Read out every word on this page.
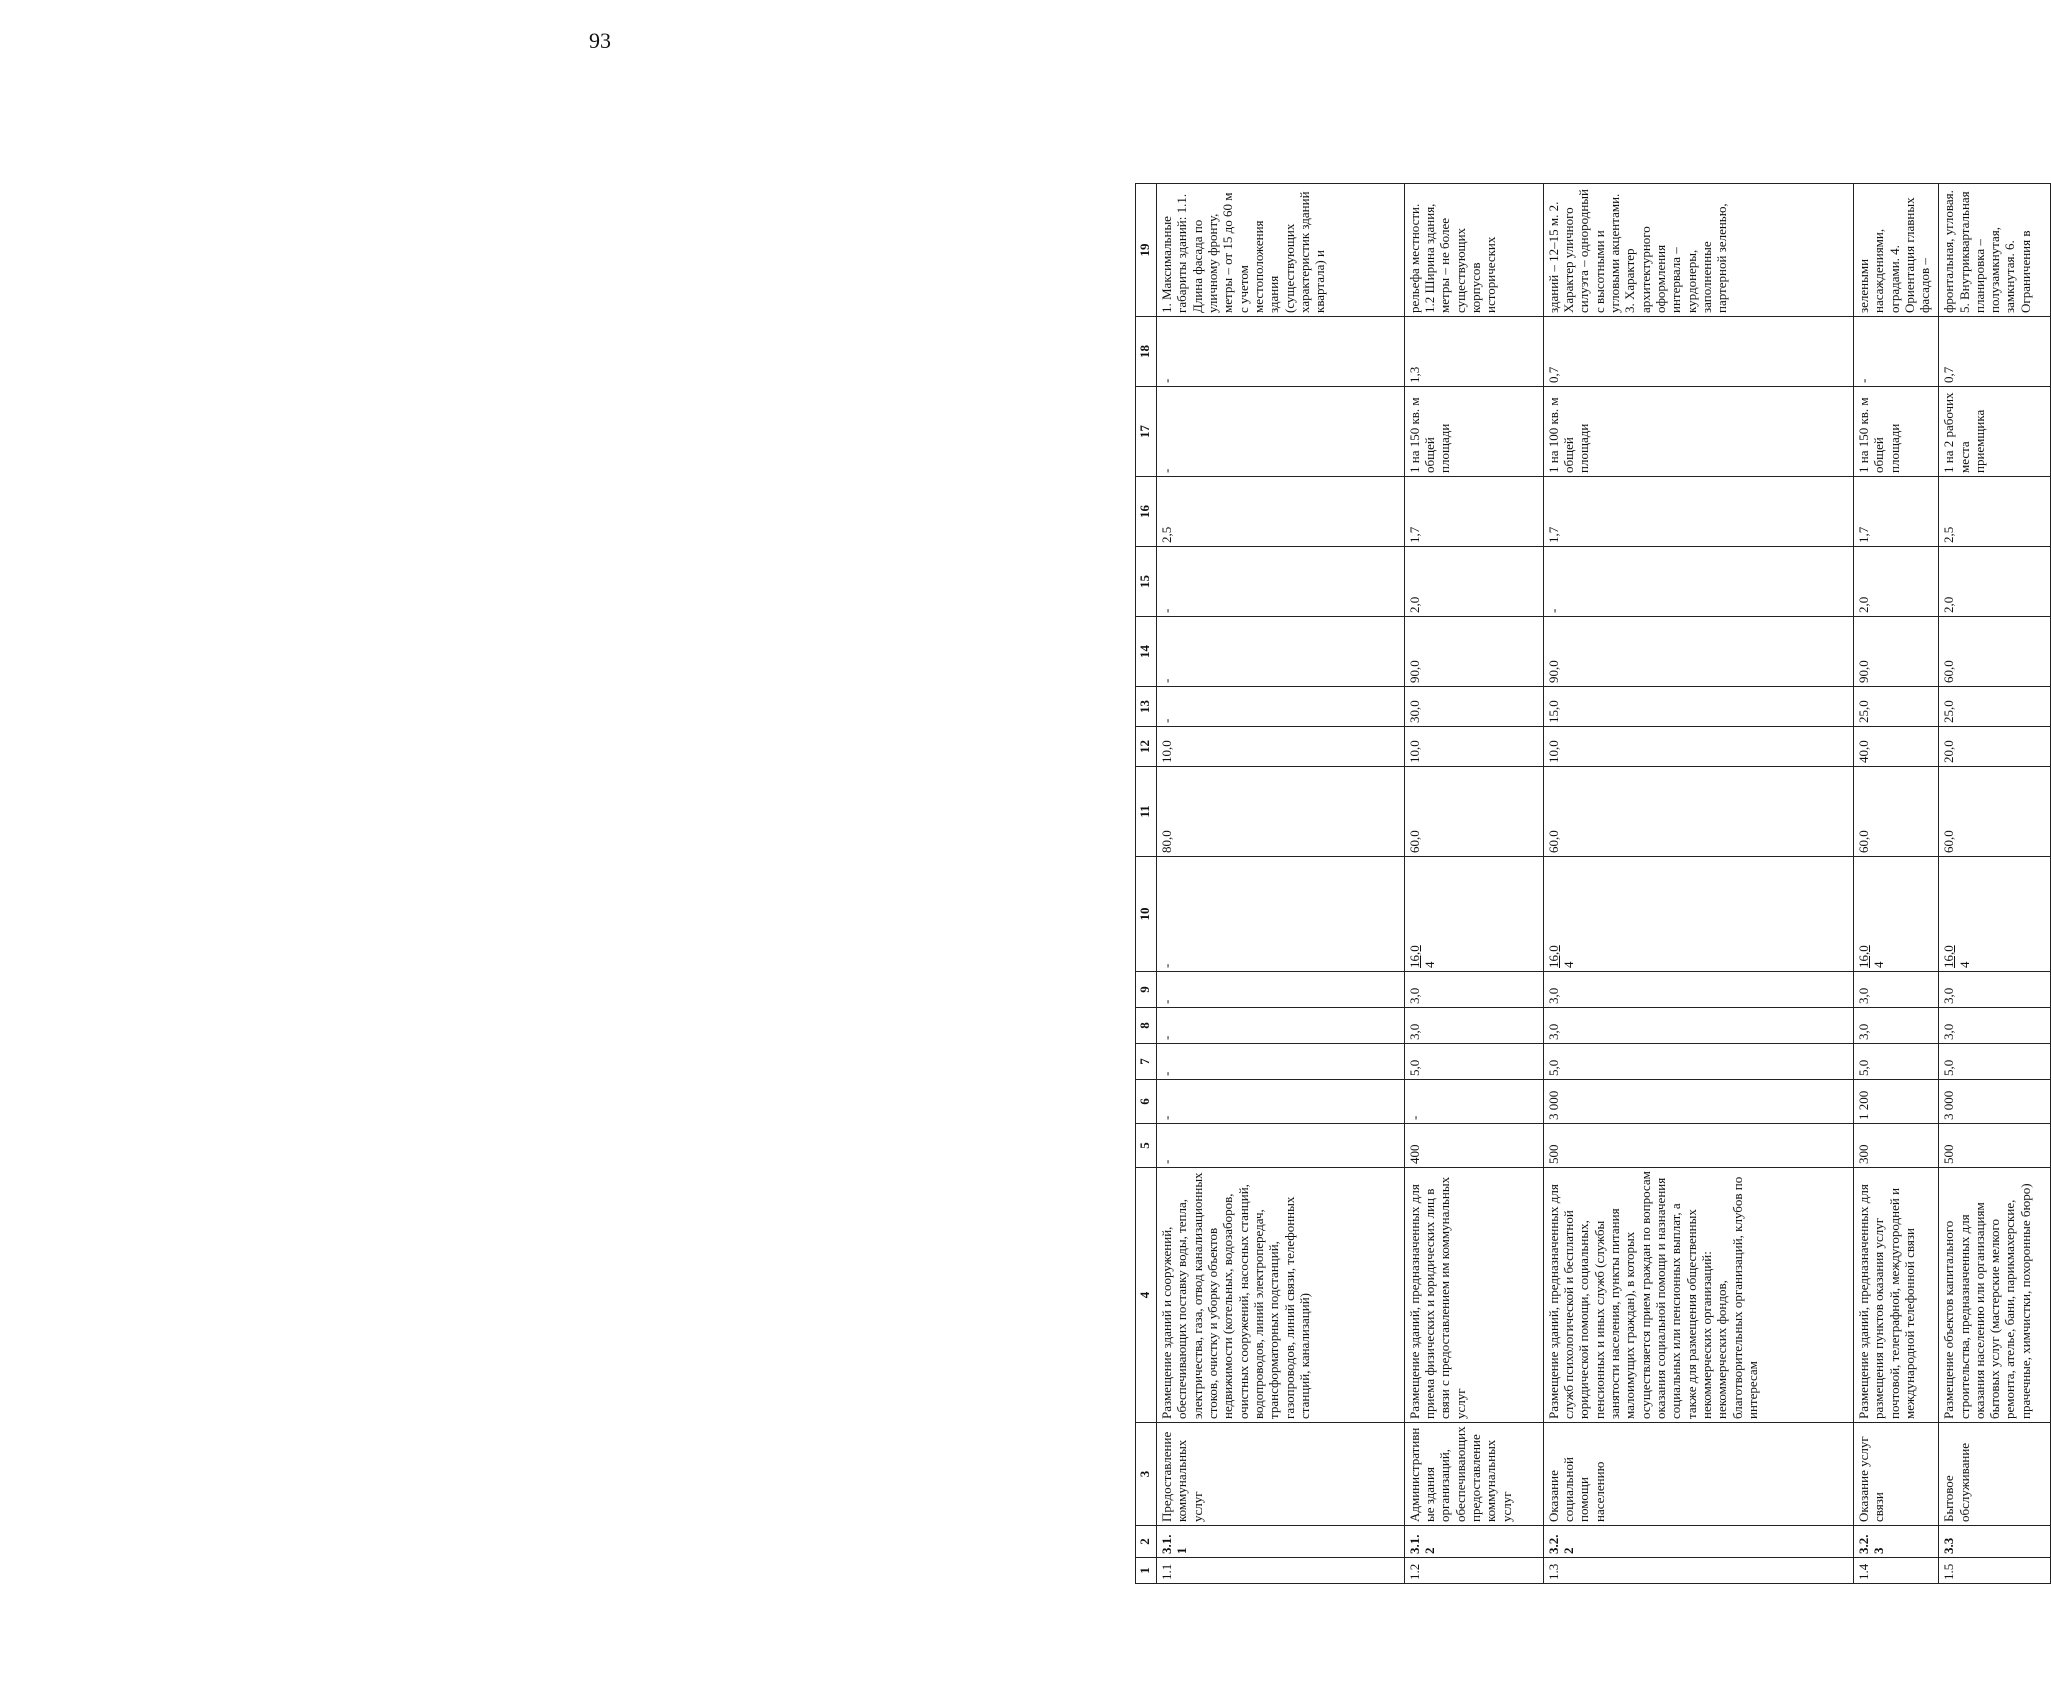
93
1	2	3	4	5	6	7	8	9	10	11	12	13	14	15	16	17	18	19
1.1	3.1.1	Предоставление коммунальных услуг	Размещение зданий и сооружений, обеспечивающих поставку воды, тепла, электричества, газа, отвод канализационных стоков, очистку и уборку объектов недвижимости (котельных, водозаборов, очистных сооружений, насосных станций, водопроводов, линий электропередач, трансформаторных подстанций, газопроводов, линий связи, телефонных станций, канализаций)	-	-	-	-	-	-	80,0	10,0	-	-	-	2,5	-	-	1. Максимальные габариты зданий: 1.1. Длина фасада по уличному фронту, метры – от 15 до 60 м с учетом местоположения здания (существующих характеристик зданий квартала) и
1.2	3.1.2	Административные здания организаций, обеспечивающих предоставление коммунальных услуг	Размещение зданий, предназначенных для приема физических и юридических лиц в связи с предоставлением им коммунальных услуг	400	-	5,0	3,0	3,0	16,0 4	60,0	10,0	30,0	90,0	2,0	1,7	1 на 150 кв. м общей площади	1,3	рельефа местности. 1.2 Ширина здания, метры – не более существующих корпусов исторических
1.3	3.2.2	Оказание социальной помощи населению	Размещение зданий, предназначенных для служб психологической и бесплатной юридической помощи, социальных, пенсионных и иных служб (службы занятости населения, пункты питания малоимущих граждан), в которых осуществляется прием граждан по вопросам оказания социальной помощи и назначения социальных или пенсионных выплат, а также для размещения общественных некоммерческих организаций: некоммерческих фондов, благотворительных организаций, клубов по интересам	500	3 000	5,0	3,0	3,0	16,0 4	60,0	10,0	15,0	90,0	-	1,7	1 на 100 кв. м общей площади	0,7	зданий – 12–15 м. 2. Характер уличного силуэта – однородный с высотными и угловыми акцентами. 3. Характер архитектурного оформления интервала – курдонеры, заполненные партерной зеленью,
1.4	3.2.3	Оказание услуг связи	Размещение зданий, предназначенных для размещения пунктов оказания услуг почтовой, телеграфной, междугородней и международной телефонной связи	300	1 200	5,0	3,0	3,0	16,0 4	60,0	40,0	25,0	90,0	2,0	1,7	1 на 150 кв. м общей площади	-	зелеными насаждениями, оградами. 4. Ориентация главных фасадов –
1.5	3.3	Бытовое обслуживание	Размещение объектов капитального строительства, предназначенных для оказания населению или организациям бытовых услуг (мастерские мелкого ремонта, ателье, бани, парикмахерские, прачечные, химчистки, похоронные бюро)	500	3 000	5,0	3,0	3,0	16,0 4	60,0	20,0	25,0	60,0	2,0	2,5	1 на 2 рабочих места приемщика	0,7	фронтальная, угловая. 5. Внутриквартальная планировка – полузамкнутая, замкнутая. 6. Ограничения в
